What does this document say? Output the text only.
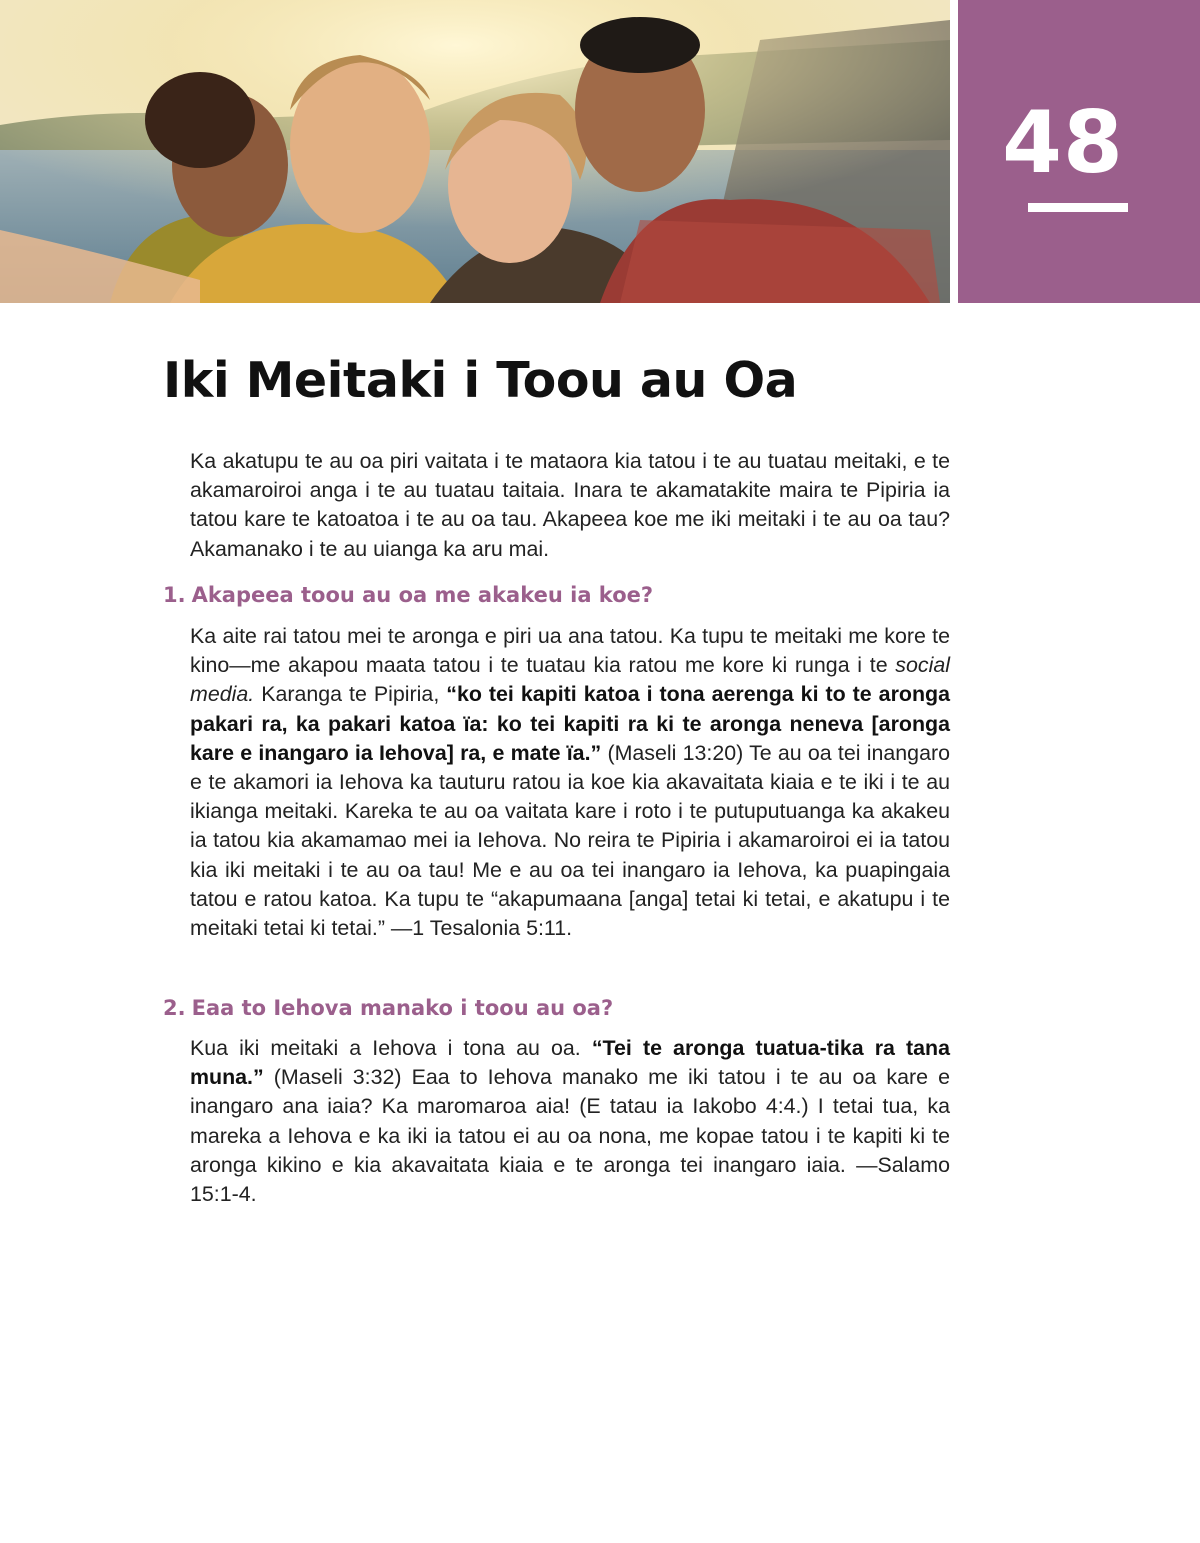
48
Iki Meitaki i Toou au Oa

Ka akatupu te au oa piri vaitata i te mataora kia tatou i te au tuatau meitaki, e te akamaroiroi anga i te au tuatau taitaia. Inara te akamatakite maira te Pipiria ia tatou kare te katoatoa i te au oa tau. Akapeea koe me iki meitaki i te au oa tau? Akamanako i te au uianga ka aru mai.

1. Akapeea toou au oa me akakeu ia koe?

Ka aite rai tatou mei te aronga e piri ua ana tatou. Ka tupu te meitaki me kore te kino—me akapou maata tatou i te tuatau kia ratou me kore ki runga i te social media. Karanga te Pipiria, “ko tei kapiti katoa i tona aerenga ki to te aronga pakari ra, ka pakari katoa ïa: ko tei kapiti ra ki te aronga neneva [aronga kare e inangaro ia Iehova] ra, e mate ïa.” (Maseli 13:20) Te au oa tei inangaro e te akamori ia Iehova ka tauturu ratou ia koe kia akavaitata kiaia e te iki i te au ikianga meitaki. Kareka te au oa vaitata kare i roto i te putuputuanga ka akakeu ia tatou kia akamamao mei ia Iehova. No reira te Pipiria i akamaroiroi ei ia tatou kia iki meitaki i te au oa tau! Me e au oa tei inangaro ia Iehova, ka puapingaia tatou e ratou katoa. Ka tupu te “akapumaana [anga] tetai ki tetai, e akatupu i te meitaki tetai ki tetai.” —1 Tesalonia 5:11.

2. Eaa to Iehova manako i toou au oa?

Kua iki meitaki a Iehova i tona au oa. “Tei te aronga tuatua-tika ra tana muna.” (Maseli 3:32) Eaa to Iehova manako me iki tatou i te au oa kare e inangaro ana iaia? Ka maromaroa aia! (E tatau ia Iakobo 4:4.) I tetai tua, ka mareka a Iehova e ka iki ia tatou ei au oa nona, me kopae tatou i te kapiti ki te aronga kikino e kia akavaitata kiaia e te aronga tei inangaro iaia. —Salamo 15:1-4.
